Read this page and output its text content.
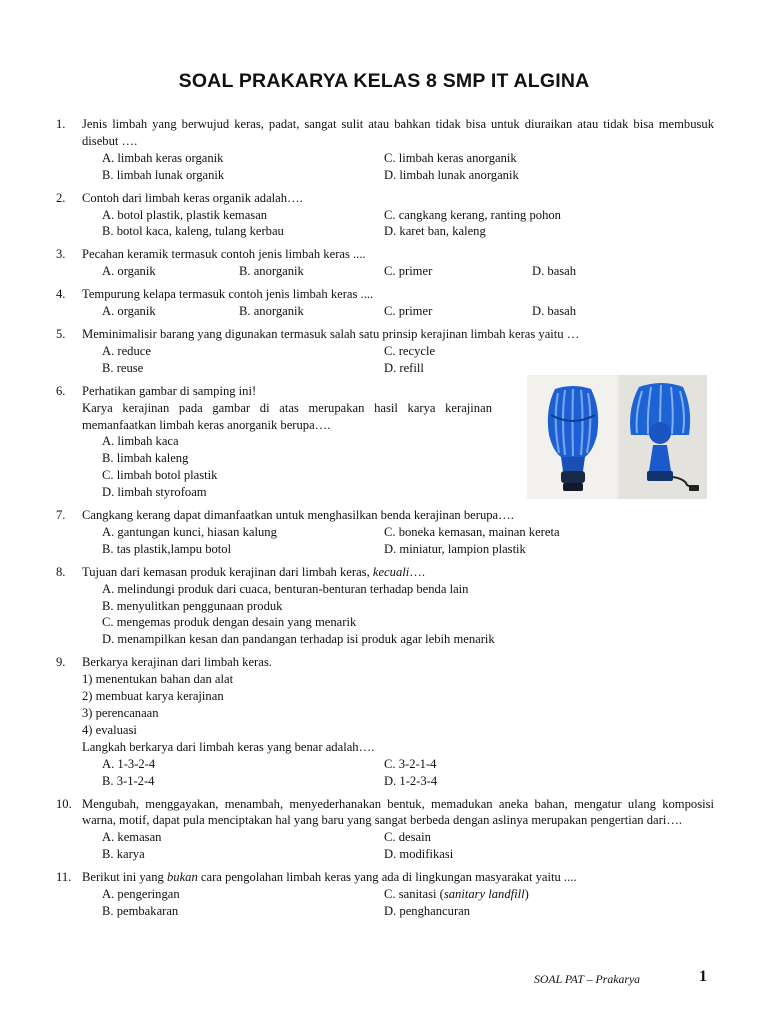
SOAL PRAKARYA KELAS 8 SMP IT ALGINA
1. Jenis limbah yang berwujud keras, padat, sangat sulit atau bahkan tidak bisa untuk diuraikan atau tidak bisa membusuk disebut ….
A. limbah keras organik	C. limbah keras anorganik
B. limbah lunak organik	D. limbah lunak anorganik
2. Contoh dari limbah keras organik adalah….
A. botol plastik, plastik kemasan	C. cangkang kerang, ranting pohon
B. botol kaca, kaleng, tulang kerbau	D. karet ban, kaleng
3. Pecahan keramik termasuk contoh jenis limbah keras ....
A. organik	B. anorganik	C. primer	D. basah
4. Tempurung kelapa termasuk contoh jenis limbah keras ....
A. organik	B. anorganik	C. primer	D. basah
5. Meminimalisir barang yang digunakan termasuk salah satu prinsip kerajinan limbah keras yaitu …
A. reduce	C. recycle
B. reuse	D. refill
6. Perhatikan gambar di samping ini!
Karya kerajinan pada gambar di atas merupakan hasil karya kerajinan memanfaatkan limbah keras anorganik berupa….
A. limbah kaca
B. limbah kaleng
C. limbah botol plastik
D. limbah styrofoam
7. Cangkang kerang dapat dimanfaatkan untuk menghasilkan benda kerajinan berupa….
A. gantungan kunci, hiasan kalung	C. boneka kemasan, mainan kereta
B. tas plastik,lampu botol	D. miniatur, lampion plastik
8. Tujuan dari kemasan produk kerajinan dari limbah keras, kecuali….
A. melindungi produk dari cuaca, benturan-benturan terhadap benda lain
B. menyulitkan penggunaan produk
C. mengemas produk dengan desain yang menarik
D. menampilkan kesan dan pandangan terhadap isi produk agar lebih menarik
9. Berkarya kerajinan dari limbah keras.
1) menentukan bahan dan alat
2) membuat karya kerajinan
3) perencanaan
4) evaluasi
Langkah berkarya dari limbah keras yang benar adalah….
A. 1-3-2-4	C. 3-2-1-4
B. 3-1-2-4	D. 1-2-3-4
10. Mengubah, menggayakan, menambah, menyederhanakan bentuk, memadukan aneka bahan, mengatur ulang komposisi warna, motif, dapat pula menciptakan hal yang baru yang sangat berbeda dengan aslinya merupakan pengertian dari….
A. kemasan	C. desain
B. karya	D. modifikasi
11. Berikut ini yang bukan cara pengolahan limbah keras yang ada di lingkungan masyarakat yaitu ....
A. pengeringan	C. sanitasi (sanitary landfill)
B. pembakaran	D. penghancuran
SOAL PAT – Prakarya	1
